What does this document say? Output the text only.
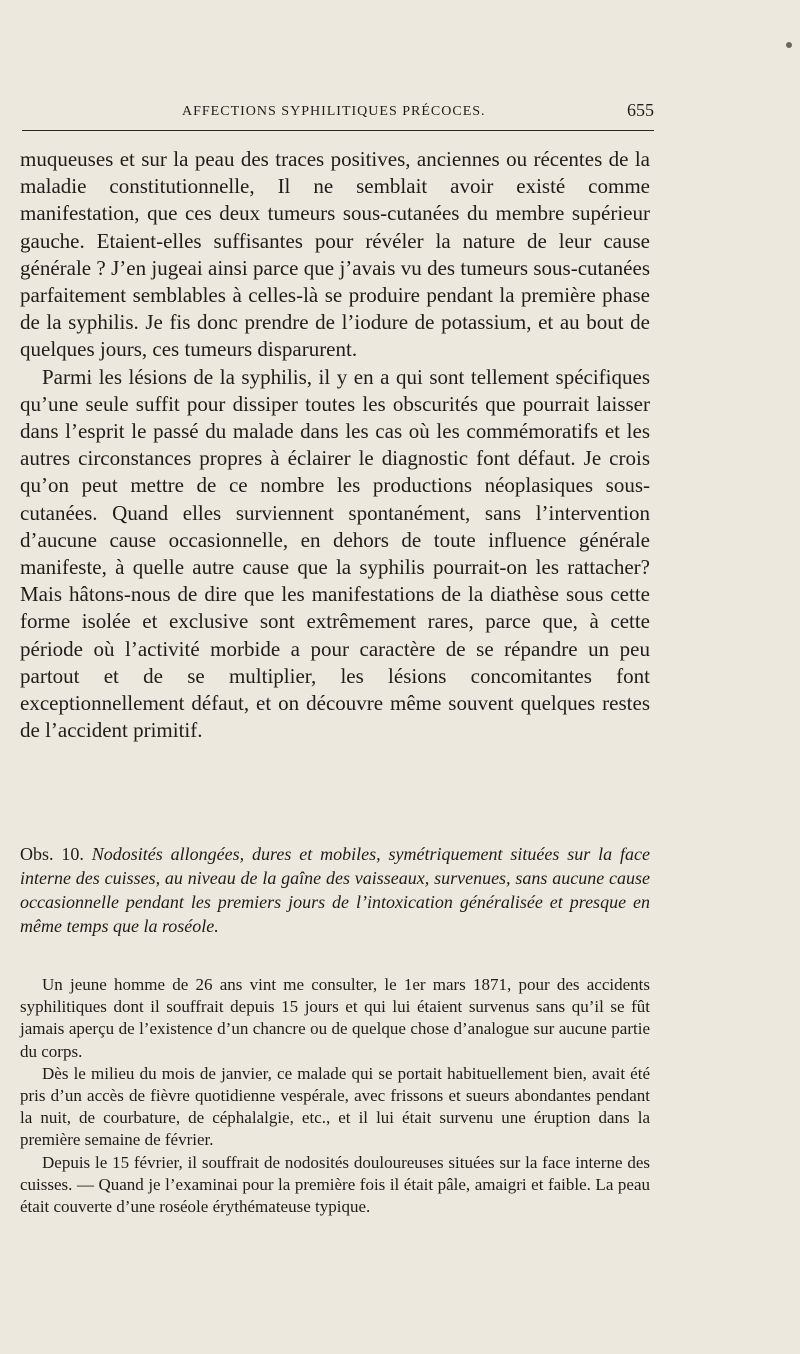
AFFECTIONS SYPHILITIQUES PRÉCOCES.	655

muqueuses et sur la peau des traces positives, anciennes ou récentes de la maladie constitutionnelle, Il ne semblait avoir existé comme manifestation, que ces deux tumeurs sous-cutanées du membre supérieur gauche. Etaient-elles suffisantes pour révéler la nature de leur cause générale ? J’en jugeai ainsi parce que j’avais vu des tumeurs sous-cutanées parfaitement semblables à celles-là se produire pendant la première phase de la syphilis. Je fis donc prendre de l’iodure de potassium, et au bout de quelques jours, ces tumeurs disparurent.

Parmi les lésions de la syphilis, il y en a qui sont tellement spécifiques qu’une seule suffit pour dissiper toutes les obscurités que pourrait laisser dans l’esprit le passé du malade dans les cas où les commémoratifs et les autres circonstances propres à éclairer le diagnostic font défaut. Je crois qu’on peut mettre de ce nombre les productions néoplasiques sous-cutanées. Quand elles surviennent spontanément, sans l’intervention d’aucune cause occasionnelle, en dehors de toute influence générale manifeste, à quelle autre cause que la syphilis pourrait-on les rattacher? Mais hâtons-nous de dire que les manifestations de la diathèse sous cette forme isolée et exclusive sont extrêmement rares, parce que, à cette période où l’activité morbide a pour caractère de se répandre un peu partout et de se multiplier, les lésions concomitantes font exceptionnellement défaut, et on découvre même souvent quelques restes de l’accident primitif.

Obs. 10. Nodosités allongées, dures et mobiles, symétriquement situées sur la face interne des cuisses, au niveau de la gaîne des vaisseaux, survenues, sans aucune cause occasionnelle pendant les premiers jours de l’intoxication généralisée et presque en même temps que la roséole.

Un jeune homme de 26 ans vint me consulter, le 1er mars 1871, pour des accidents syphilitiques dont il souffrait depuis 15 jours et qui lui étaient survenus sans qu’il se fût jamais aperçu de l’existence d’un chancre ou de quelque chose d’analogue sur aucune partie du corps.

Dès le milieu du mois de janvier, ce malade qui se portait habituellement bien, avait été pris d’un accès de fièvre quotidienne vespérale, avec frissons et sueurs abondantes pendant la nuit, de courbature, de céphalalgie, etc., et il lui était survenu une éruption dans la première semaine de février.

Depuis le 15 février, il souffrait de nodosités douloureuses situées sur la face interne des cuisses. — Quand je l’examinai pour la première fois il était pâle, amaigri et faible. La peau était couverte d’une roséole érythémateuse typique.
